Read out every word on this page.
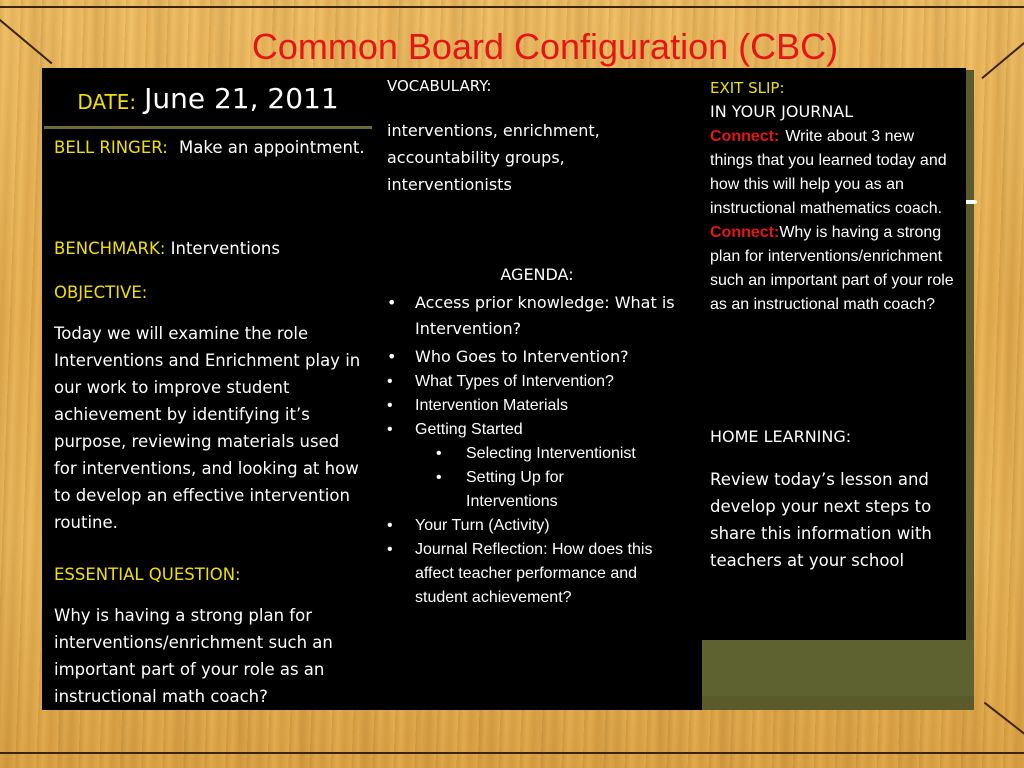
Common Board Configuration (CBC)
DATE: June 21, 2011
BELL RINGER: Make an appointment.
BENCHMARK: Interventions
OBJECTIVE:
Today we will examine the role Interventions and Enrichment play in our work to improve student achievement by identifying it’s purpose, reviewing materials used for interventions, and looking at how to develop an effective intervention routine.
ESSENTIAL QUESTION:
Why is having a strong plan for interventions/enrichment such an important part of your role as an instructional math coach?
VOCABULARY:
interventions, enrichment, accountability groups, interventionists
AGENDA:
• Access prior knowledge: What is Intervention?
• Who Goes to Intervention?
• What Types of Intervention?
• Intervention Materials
• Getting Started
• Selecting Interventionist
• Setting Up for Interventions
• Your Turn (Activity)
• Journal Reflection: How does this affect teacher performance and student achievement?
EXIT SLIP:
IN YOUR JOURNAL
Connect: Write about 3 new things that you learned today and how this will help you as an instructional mathematics coach.
Connect:Why is having a strong plan for interventions/enrichment such an important part of your role as an instructional math coach?
HOME LEARNING:
Review today’s lesson and develop your next steps to share this information with teachers at your school
